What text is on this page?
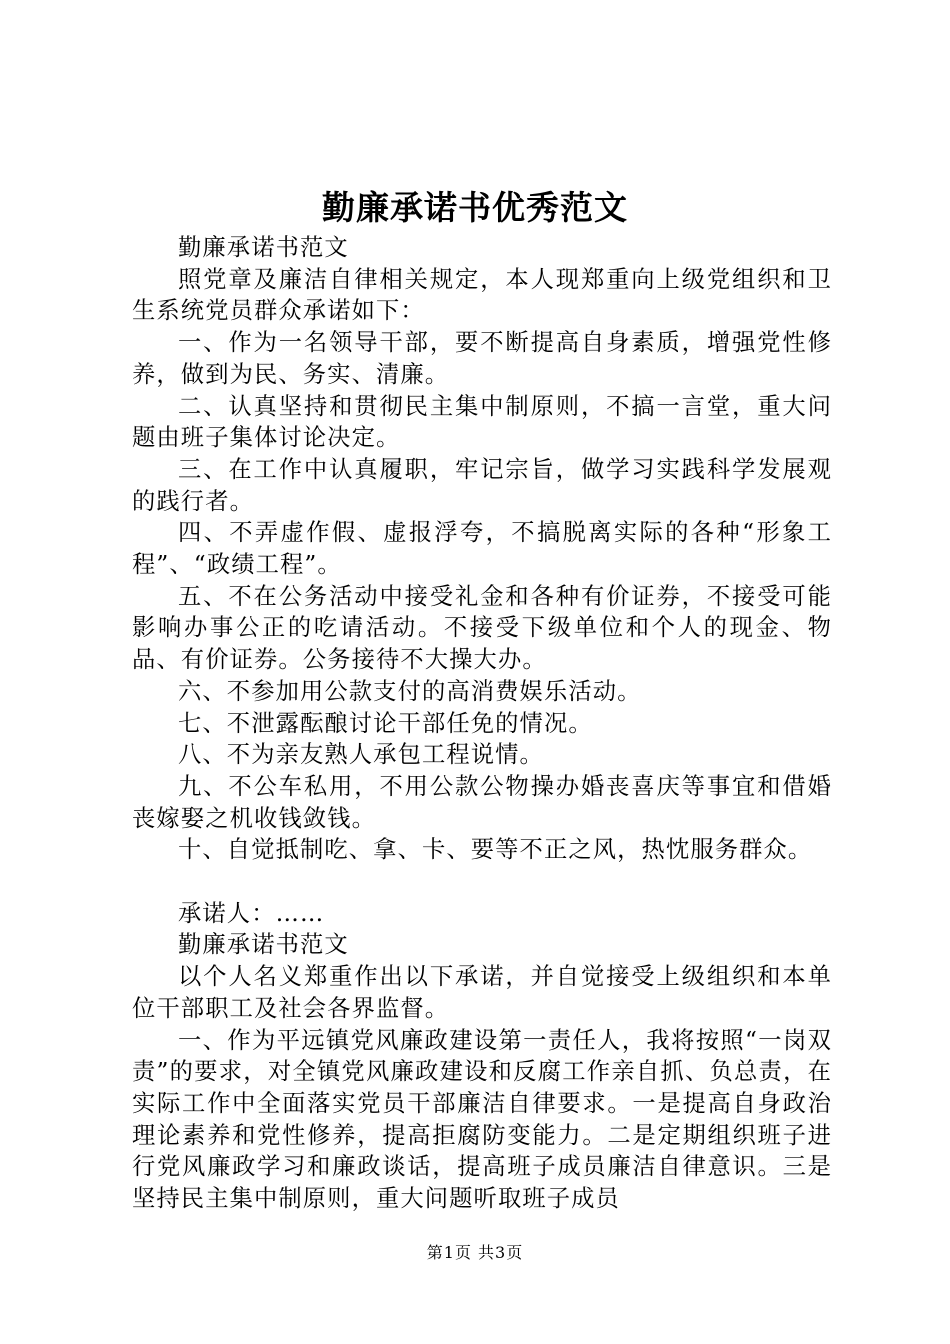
勤廉承诺书优秀范文

勤廉承诺书范文

照党章及廉洁自律相关规定，本人现郑重向上级党组织和卫生系统党员群众承诺如下：

一、作为一名领导干部，要不断提高自身素质，增强党性修养，做到为民、务实、清廉。

二、认真坚持和贯彻民主集中制原则，不搞一言堂，重大问题由班子集体讨论决定。

三、在工作中认真履职，牢记宗旨，做学习实践科学发展观的践行者。

四、不弄虚作假、虚报浮夸，不搞脱离实际的各种“形象工程”、“政绩工程”。

五、不在公务活动中接受礼金和各种有价证券，不接受可能影响办事公正的吃请活动。不接受下级单位和个人的现金、物品、有价证券。公务接待不大操大办。

六、不参加用公款支付的高消费娱乐活动。

七、不泄露酝酿讨论干部任免的情况。

八、不为亲友熟人承包工程说情。

九、不公车私用，不用公款公物操办婚丧喜庆等事宜和借婚丧嫁娶之机收钱敛钱。

十、自觉抵制吃、拿、卡、要等不正之风，热忱服务群众。

承诺人：……

勤廉承诺书范文

以个人名义郑重作出以下承诺，并自觉接受上级组织和本单位干部职工及社会各界监督。

一、作为平远镇党风廉政建设第一责任人，我将按照“一岗双责”的要求，对全镇党风廉政建设和反腐工作亲自抓、负总责，在实际工作中全面落实党员干部廉洁自律要求。一是提高自身政治理论素养和党性修养，提高拒腐防变能力。二是定期组织班子进行党风廉政学习和廉政谈话，提高班子成员廉洁自律意识。三是坚持民主集中制原则，重大问题听取班子成员

第1页 共3页
